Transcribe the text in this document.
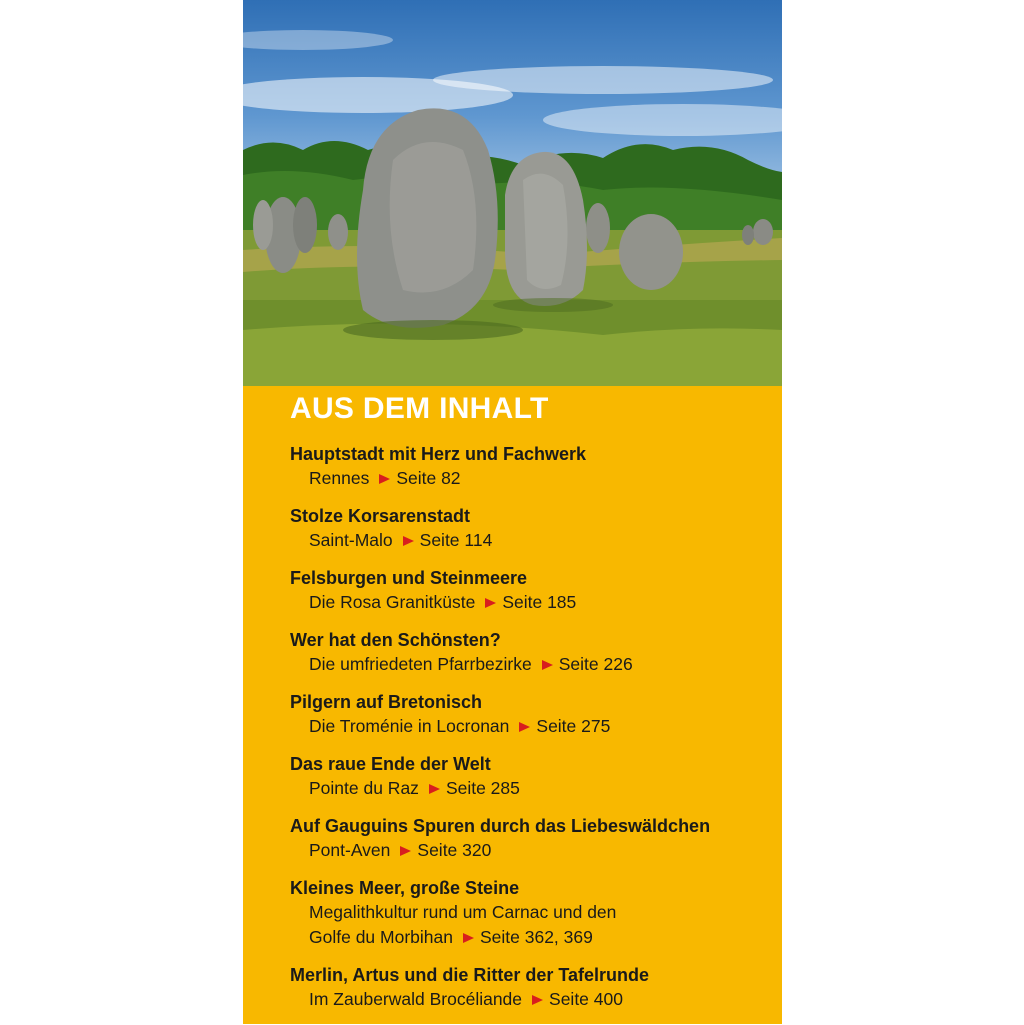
AUS DEM INHALT
Hauptstadt mit Herz und Fachwerk
Rennes Seite 82
Stolze Korsarenstadt
Saint-Malo Seite 114
Felsburgen und Steinmeere
Die Rosa Granitküste Seite 185
Wer hat den Schönsten?
Die umfriedeten Pfarrbezirke Seite 226
Pilgern auf Bretonisch
Die Troménie in Locronan Seite 275
Das raue Ende der Welt
Pointe du Raz Seite 285
Auf Gauguins Spuren durch das Liebeswäldchen
Pont-Aven Seite 320
Kleines Meer, große Steine
Megalithkultur rund um Carnac und den
Golfe du Morbihan Seite 362, 369
Merlin, Artus und die Ritter der Tafelrunde
Im Zauberwald Brocéliande Seite 400
